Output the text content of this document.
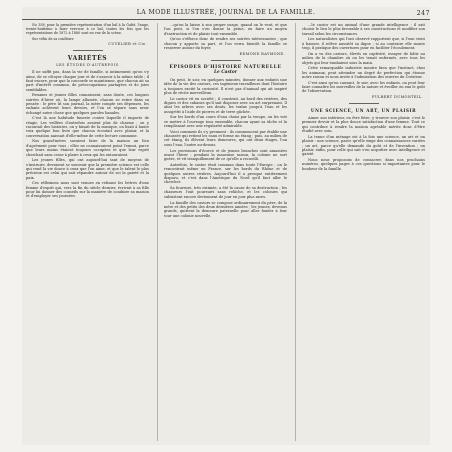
LA MODE ILLUSTRÉE, JOURNAL DE LA FAMILLE.	247

No 358, pour la première représentation d'un bal à la Gaîté, l'ange, trente-huitième à faire vers-ner à ce bal, toutes les fois que les représentations de 1872 à 1880 sont en vue de la scène.

Sur vélin de sa confiture

CUVELIER et Cie.
VARIÉTÉS
LES ÉTUDES D'AUTREFOIS

Il ne suffit pas, dans la vie de famille, si intimement qu'on s'y aime, de se côtoyer chaque jour et de s'asseoir à la même table ; il faut encore, pour que la concorde se maintienne, que chacun ait sa part d'intérêt commun, de préoccupations partagées et de joies semblables.

Femmes et jeunes filles connaissent, sans doute, ces longues soirées d'hiver où, la lampe allumée, chacun se retire dans sa pensée : le père lit son journal, la mère compte ses dépenses, les enfants achèvent leurs devoirs, et l'on se sépare sans avoir échangé autre chose que quelques paroles banales.

C'est là une habitude funeste contre laquelle il importe de réagir. Les veillées d'autrefois avaient plus de charme ; on y racontait des histoires, on y faisait de la musique, on lisait à haute voix quelque bon livre que chacun écoutait avec plaisir, et la conversation naissait d'elle-même de cette lecture commune.

Nos grand'mères savaient faire de la maison un lieu d'agrément pour tous ; elles ne connaissaient point l'ennui, parce que leurs mains étaient toujours occupées et que leur esprit cherchait sans cesse à plaire à ceux qui les entouraient.

Les jeunes filles, qui ont aujourd'hui tant de moyens de s'instruire, devraient se souvenir que la première science est celle qui rend la vie douce à ceux que l'on aime, et que le talent le plus précieux est celui qui sait répandre autour de soi la gaieté et la paix.

Ces réflexions nous sont venues en relisant les lettres d'une femme d'esprit qui, vers la fin du siècle dernier, écrivait à sa fille pour lui donner des conseils sur la manière de conduire sa maison et d'employer ses journées.

...qu'on la laisse à son propre usage, quand on le veut, et que l'on peut, si l'on s'en donne la peine, en faire un moyen d'instruction et de plaisir tout ensemble.

Qu'on s'efforce donc de rendre ses soirées intéressantes ; que chacun y apporte sa part, et l'on verra bientôt la famille se resserrer autour du foyer.

EDMOND RAYMOND.
ÉPISODES D'HISTOIRE NATURELLE
Le Castor

On peut, le soir, en quelques minutes, donner aux enfants une idée de la vie des castors, ces ingénieux travailleurs dont l'histoire a toujours excité la curiosité. Il n'est pas d'animal qui ait inspiré plus de récits merveilleux.

Le castor vit en société ; il construit, au bord des rivières, des digues et des cabanes qu'il sait disposer avec un art surprenant. Il abat les arbres avec ses dents, les traîne jusqu'à l'eau et les assujettit à l'aide de pierres et de terre gâchée.

Sur les bords d'un cours d'eau choisi par la troupe, on les voit se mettre à l'ouvrage tous ensemble, chacun ayant sa tâche et la remplissant avec une régularité admirable.

Voici comment ils s'y prennent : ils commencent par établir une chaussée qui retient les eaux et forme un étang ; puis, au milieu de cet étang, ils élèvent leurs demeures, qui ont deux étages, l'un sous l'eau, l'autre au-dessus.

Les provisions d'écorce et de jeunes branches sont amassées avant l'hiver ; pendant la mauvaise saison, la colonie ne sort guère, et vit tranquillement de ce qu'elle a recueilli.

Autrefois, le castor était commun dans toute l'Europe ; on le rencontrait même en France, sur les bords du Rhône et de quelques autres rivières. Aujourd'hui il a presque entièrement disparu, et c'est dans l'Amérique du Nord qu'il faut aller le chercher.

Sa fourrure, très estimée, a été la cause de sa destruction ; les chasseurs l'ont poursuivi sans relâche, et les colonies qui subsistent encore deviennent de jour en jour plus rares.

La famille des castors se compose ordinairement du père, de la mère et des petits des deux dernières années ; les jeunes, devenus grands, quittent la demeure paternelle pour aller fonder à leur tour une colonie nouvelle.

...le castor est un animal d'une grande intelligence ; il sait choisir le lieu le plus favorable à ses constructions et modifier son travail selon les circonstances.

Les naturalistes qui l'ont observé rapportent que, si l'eau vient à baisser, il relève aussitôt sa digue ; si au contraire elle monte trop, il pratique des ouvertures pour en faciliter l'écoulement.

On a vu des castors, élevés en captivité, essayer de bâtir au milieu de la chambre où on les tenait enfermés, avec tous les objets qui leur tombaient sous la main.

Cette remarquable industrie montre bien que l'instinct, chez les animaux, peut atteindre un degré de perfection qui étonne notre raison et nous invite à l'admiration des œuvres du Créateur.

C'est ainsi qu'en causant, le soir, avec les enfants, on peut leur faire connaître les merveilles de la nature et éveiller en eux le goût de l'observation.

FULBERT DUMONTEIL.
UNE SCIENCE, UN ART, UN PLAISIR

Aimer son intérieur, en être fière, y trouver son plaisir, c'est le premier devoir et la plus douce satisfaction d'une femme. Tout ce qui contribue à rendre la maison agréable mérite donc d'être étudié avec soin.

La tenue d'un ménage est à la fois une science, un art et un plaisir : une science, parce qu'elle exige des connaissances variées ; un art, parce qu'elle demande du goût et de l'invention ; un plaisir, enfin, pour celle qui sait s'en acquitter avec intelligence et gaieté.

Nous nous proposons de consacrer, dans nos prochains numéros, quelques pages à ces questions si importantes pour le bonheur de la famille.
